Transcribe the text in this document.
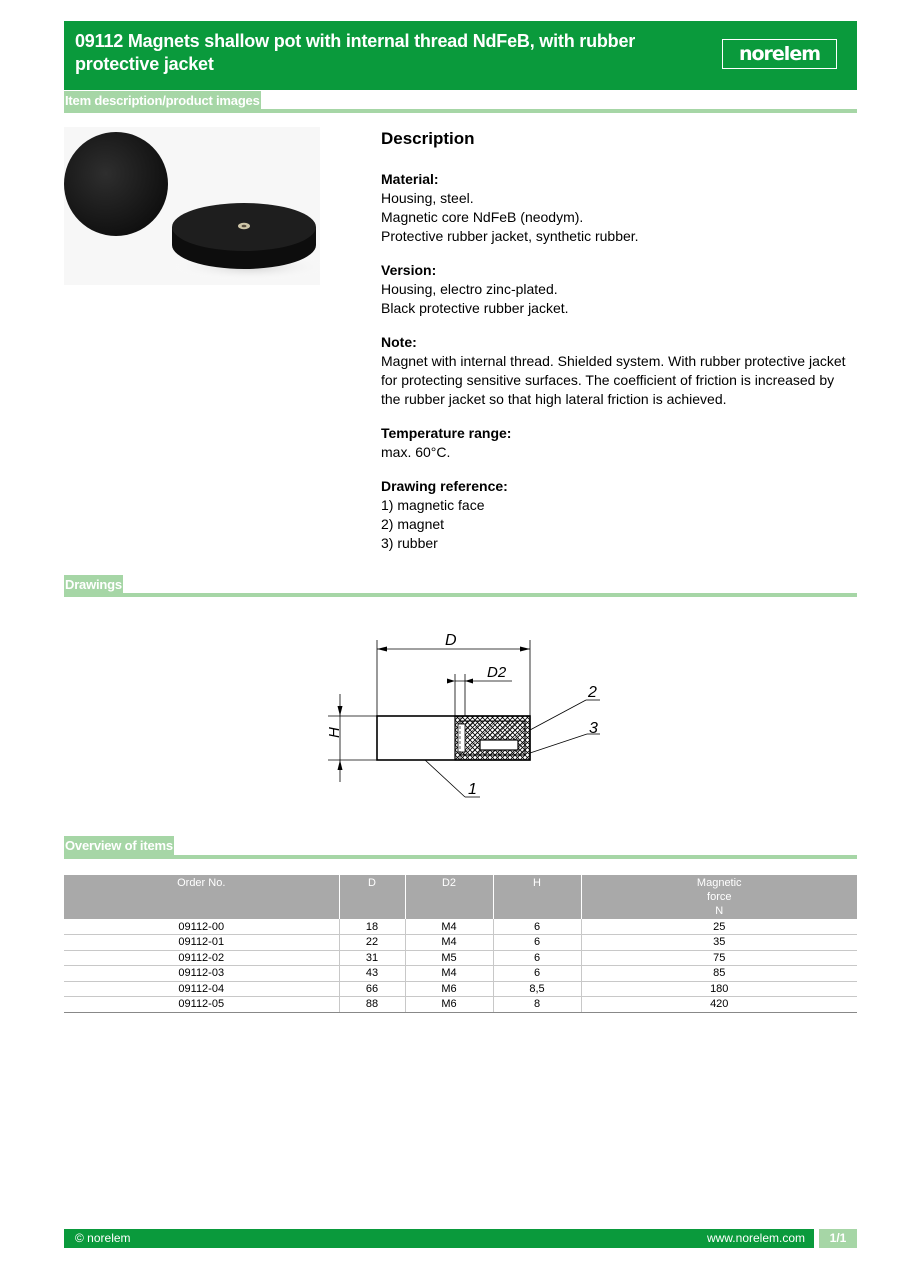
09112 Magnets shallow pot with internal thread NdFeB, with rubber protective jacket	norelem
Item description/product images
Description
Material:
Housing, steel.
Magnetic core NdFeB (neodym).
Protective rubber jacket, synthetic rubber.
Version:
Housing, electro zinc-plated.
Black protective rubber jacket.
Note:
Magnet with internal thread. Shielded system. With rubber protective jacket for protecting sensitive surfaces. The coefficient of friction is increased by the rubber jacket so that high lateral friction is achieved.
Temperature range:
max. 60°C.
Drawing reference:
1) magnetic face
2) magnet
3) rubber
Drawings
D
D2
H
2
3
1
Overview of items
Order No.	D	D2	H	Magnetic
force
N
09112-00	18	M4	6	25
09112-01	22	M4	6	35
09112-02	31	M5	6	75
09112-03	43	M4	6	85
09112-04	66	M6	8,5	180
09112-05	88	M6	8	420
© norelem	www.norelem.com	1/1
